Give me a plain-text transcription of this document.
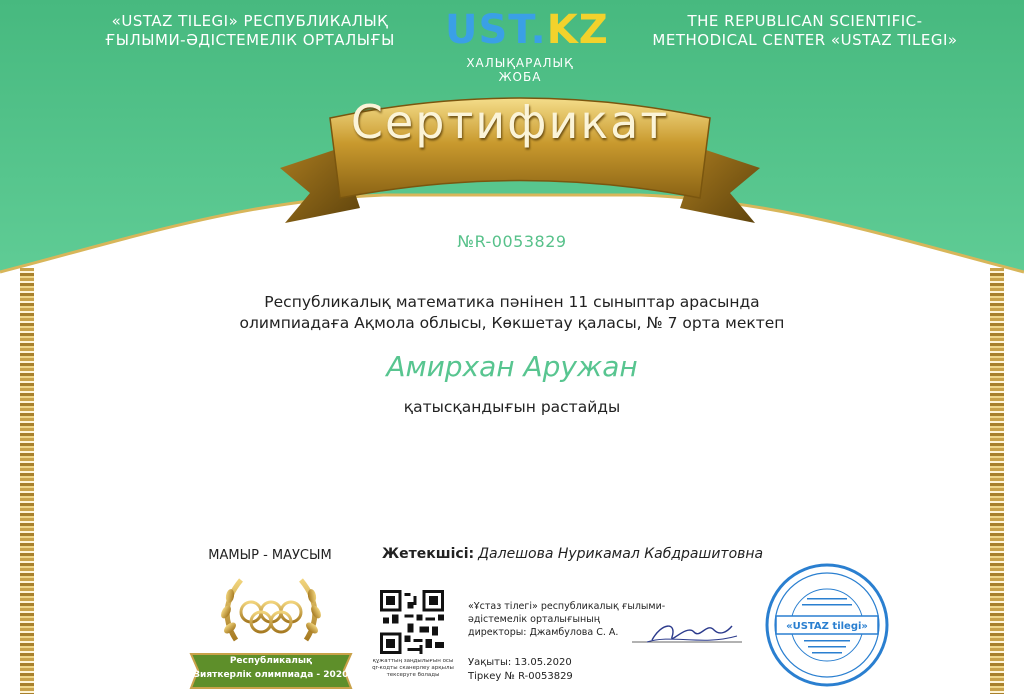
«USTAZ TILEGI» РЕСПУБЛИКАЛЫҚ
ҒЫЛЫМИ-ӘДІСТЕМЕЛІК ОРТАЛЫҒЫ	UST.KZ
ХАЛЫҚАРАЛЫҚ ЖОБА
THE REPUBLICAN SCIENTIFIC-
METHODICAL CENTER «USTAZ TILEGI»
Сертификат
№R-0053829
Республикалық математика пәнінен 11 сыныптар арасында
олимпиадаға Ақмола облысы, Көкшетау қаласы, № 7 орта мектеп
Амирхан Аружан
қатысқандығын растайды
МАМЫР - МАУСЫМ
Республикалық
«Зияткерлік олимпиада - 2020»
Жетекшісі: Далешова Нурикамал Кабдрашитовна
құжаттың заңдылығын осы qr-кодты сканерлеу арқылы тексеруге болады
«Ұстаз тілегі» республикалық ғылыми-
әдістемелік орталығының
директоры: Джамбулова С. А.
Уақыты: 13.05.2020
Тіркеу № R-0053829
«USTAZ tilegi»
